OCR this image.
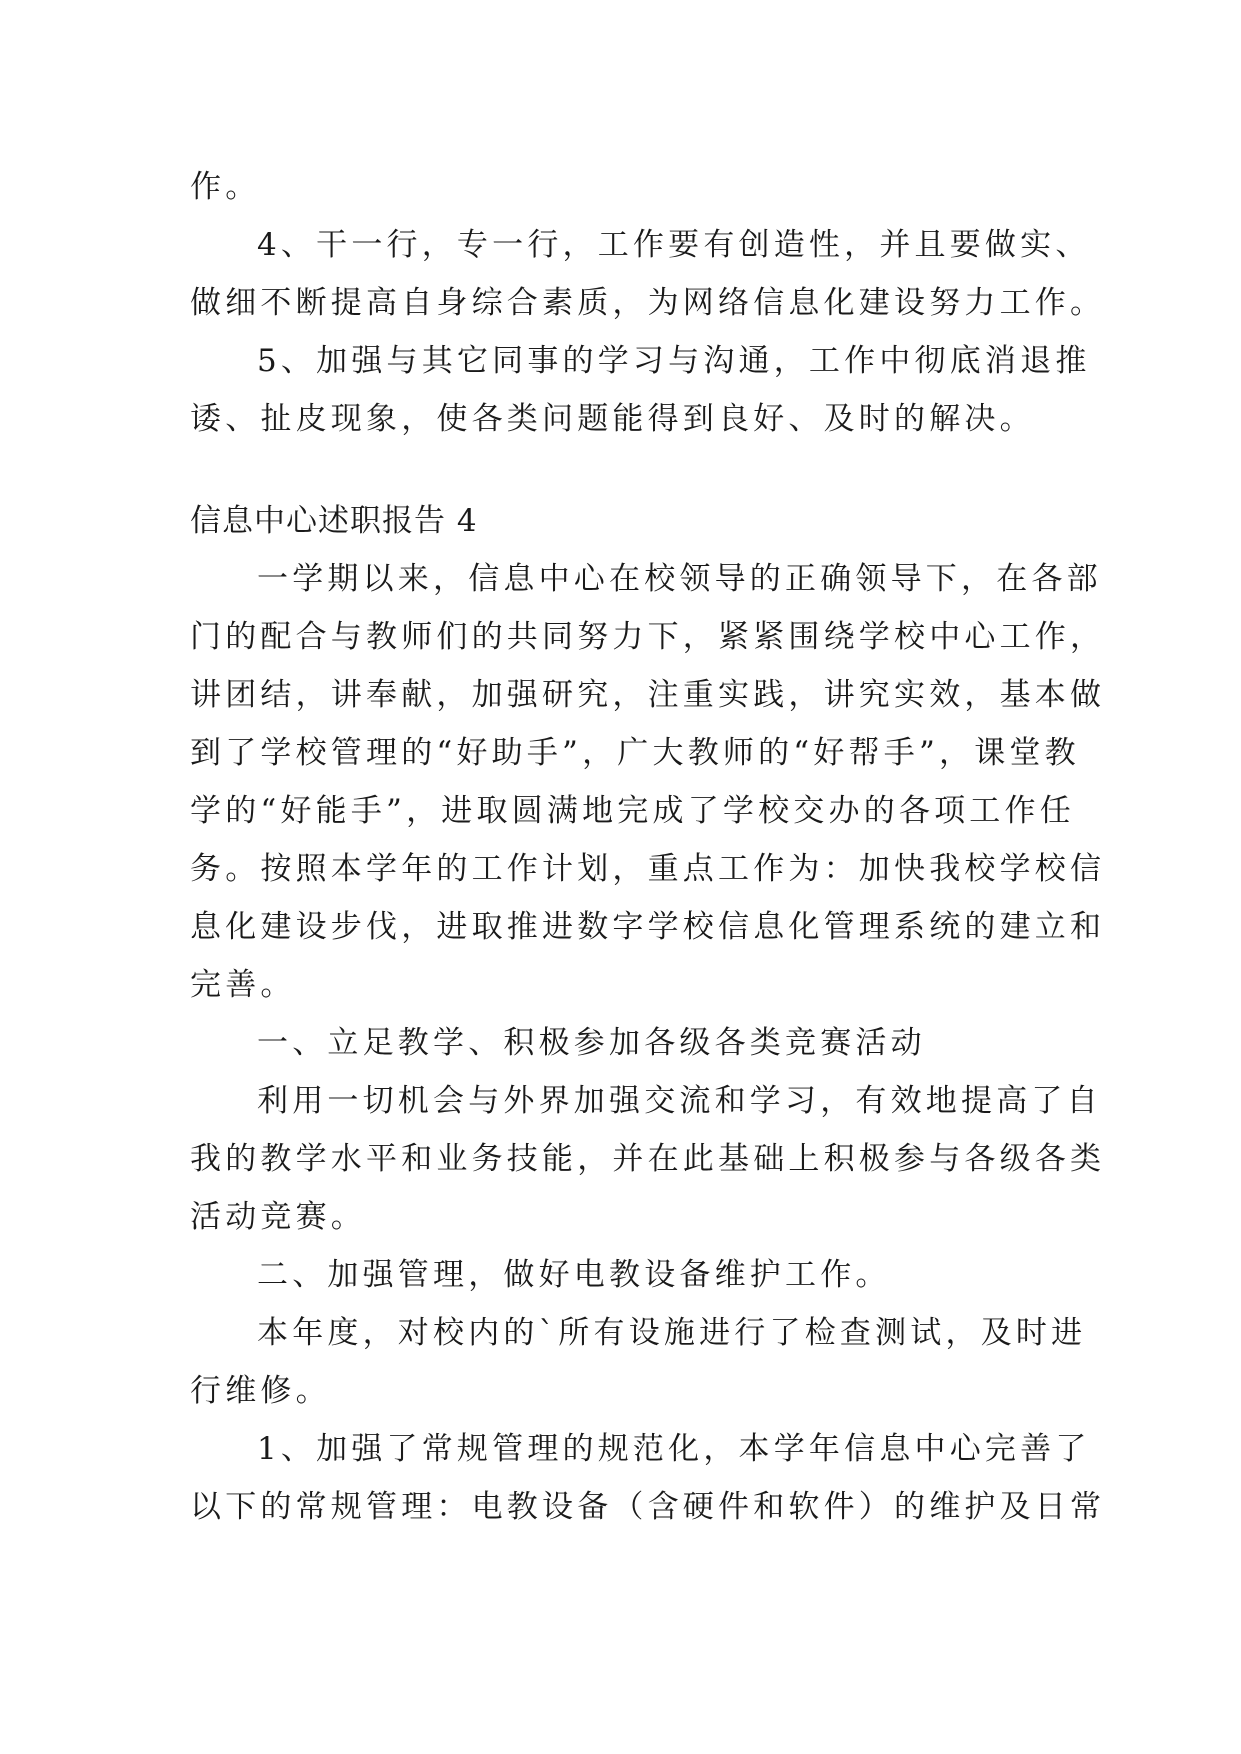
作。
4、干一行，专一行，工作要有创造性，并且要做实、
做细不断提高自身综合素质，为网络信息化建设努力工作。
5、加强与其它同事的学习与沟通，工作中彻底消退推
诿、扯皮现象，使各类问题能得到良好、及时的解决。
信息中心述职报告 4
一学期以来，信息中心在校领导的正确领导下，在各部
门的配合与教师们的共同努力下，紧紧围绕学校中心工作，
讲团结，讲奉献，加强研究，注重实践，讲究实效，基本做
到了学校管理的“好助手”，广大教师的“好帮手”，课堂教
学的“好能手”，进取圆满地完成了学校交办的各项工作任
务。按照本学年的工作计划，重点工作为：加快我校学校信
息化建设步伐，进取推进数字学校信息化管理系统的建立和
完善。
一、立足教学、积极参加各级各类竞赛活动
利用一切机会与外界加强交流和学习，有效地提高了自
我的教学水平和业务技能，并在此基础上积极参与各级各类
活动竞赛。
二、加强管理，做好电教设备维护工作。
本年度，对校内的`所有设施进行了检查测试，及时进
行维修。
1、加强了常规管理的规范化，本学年信息中心完善了
以下的常规管理：电教设备（含硬件和软件）的维护及日常
